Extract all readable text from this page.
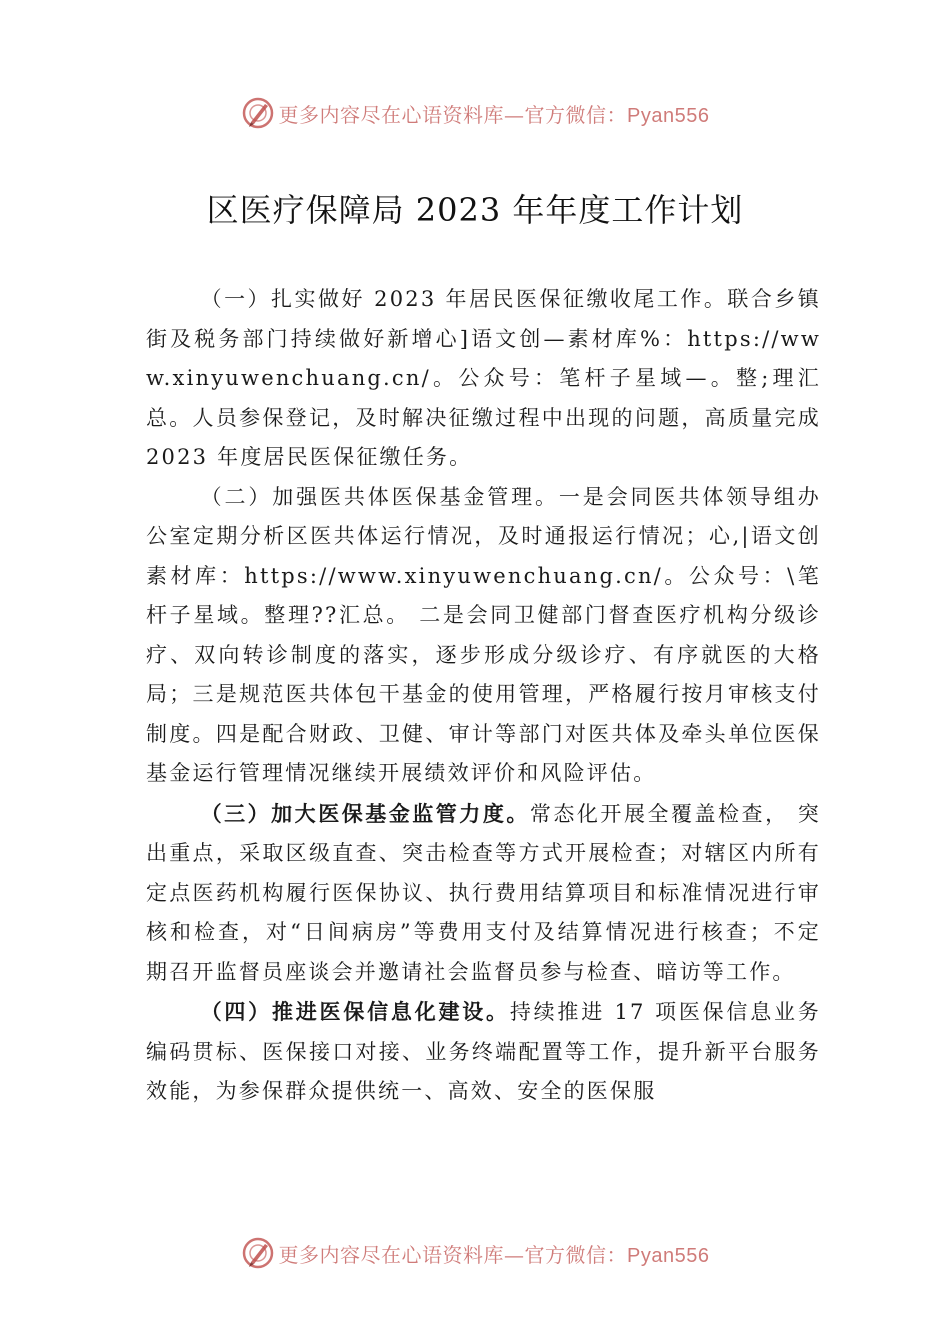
更多内容尽在心语资料库—官方微信：Pyan556
区医疗保障局 2023 年年度工作计划

（一）扎实做好 2023 年居民医保征缴收尾工作。联合乡镇街及税务部门持续做好新增心]语文创—素材库%：https://www.xinyuwenchuang.cn/。公众号：笔杆子星域—。整;理汇总。人员参保登记，及时解决征缴过程中出现的问题，高质量完成 2023 年度居民医保征缴任务。

（二）加强医共体医保基金管理。一是会同医共体领导组办公室定期分析区医共体运行情况，及时通报运行情况；心,|语文创素材库：https://www.xinyuwenchuang.cn/。公众号：\笔杆子星域。整理??汇总。 二是会同卫健部门督查医疗机构分级诊疗、双向转诊制度的落实，逐步形成分级诊疗、有序就医的大格局；三是规范医共体包干基金的使用管理，严格履行按月审核支付制度。四是配合财政、卫健、审计等部门对医共体及牵头单位医保基金运行管理情况继续开展绩效评价和风险评估。

（三）加大医保基金监管力度。常态化开展全覆盖检查， 突出重点，采取区级直查、突击检查等方式开展检查；对辖区内所有定点医药机构履行医保协议、执行费用结算项目和标准情况进行审核和检查，对“日间病房”等费用支付及结算情况进行核查；不定期召开监督员座谈会并邀请社会监督员参与检查、暗访等工作。

（四）推进医保信息化建设。持续推进 17 项医保信息业务编码贯标、医保接口对接、业务终端配置等工作，提升新平台服务效能，为参保群众提供统一、高效、安全的医保服

更多内容尽在心语资料库—官方微信：Pyan556
